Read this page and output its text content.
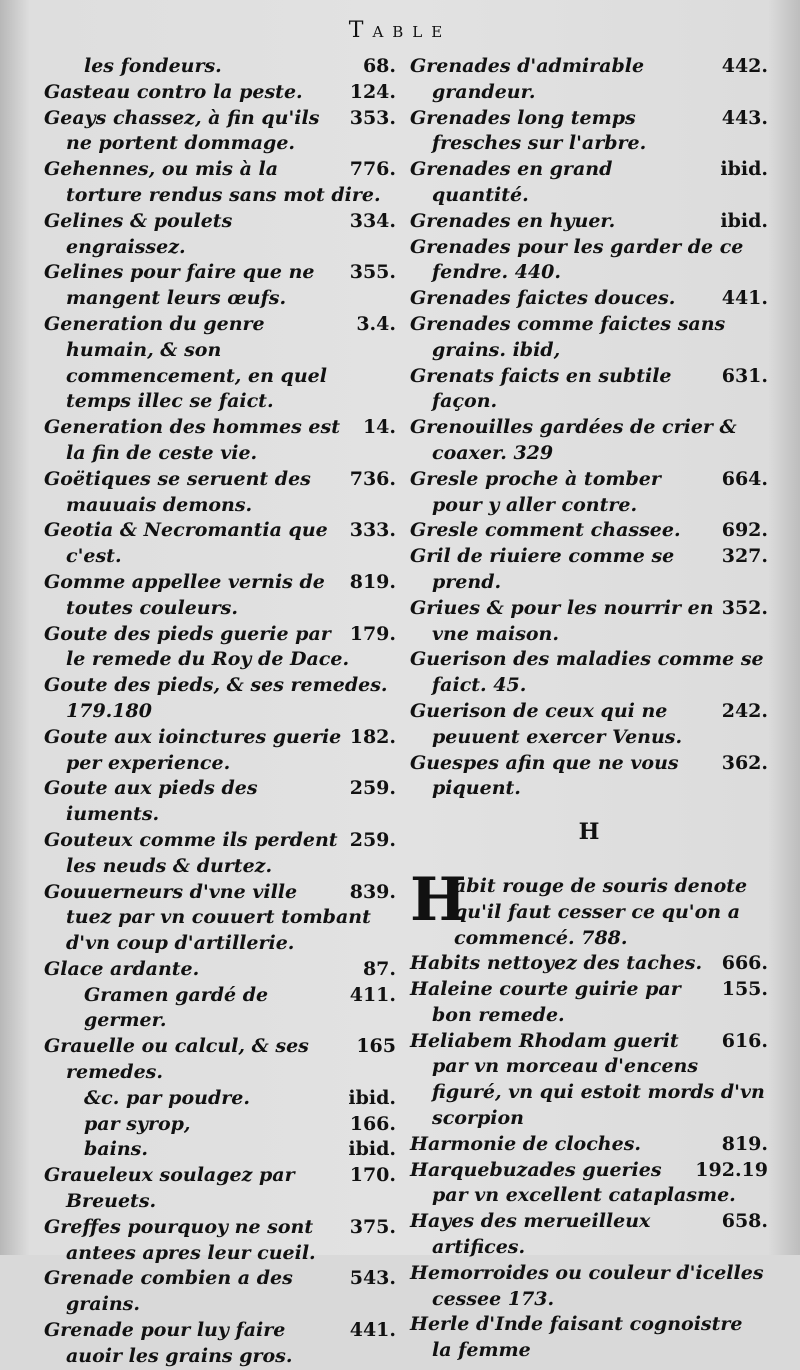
Table
68.
les fondeurs.
124.
Gasteau contro la peste.
353.
Geays chassez, à fin qu'ils ne portent dommage.
776.
Gehennes, ou mis à la torture rendus sans mot dire.
334.
Gelines & poulets engraissez.
355.
Gelines pour faire que ne mangent leurs œufs.
3.4.
Generation du genre humain, & son commencement, en quel temps illec se faict.
14.
Generation des hommes est la fin de ceste vie.
736.
Goëtiques se seruent des mauuais demons.
333.
Geotia & Necromantia que c'est.
819.
Gomme appellee vernis de toutes couleurs.
179.
Goute des pieds guerie par le remede du Roy de Dace.
Goute des pieds, & ses remedes. 179.180
182.
Goute aux ioinctures guerie per experience.
259.
Goute aux pieds des iuments.
259.
Gouteux comme ils perdent les neuds & durtez.
839.
Gouuerneurs d'vne ville tuez par vn couuert tombant d'vn coup d'artillerie.
87.
Glace ardante.
411.
Gramen gardé de germer.
165
Grauelle ou calcul, & ses remedes.
ibid.
&c. par poudre.
166.
par syrop,
ibid.
bains.
170.
Graueleux soulagez par Breuets.
375.
Greffes pourquoy ne sont antees apres leur cueil.
543.
Grenade combien a des grains.
441.
Grenade pour luy faire auoir les grains gros.
442.
Grenades d'admirable grandeur.
443.
Grenades long temps fresches sur l'arbre.
ibid.
Grenades en grand quantité.
ibid.
Grenades en hyuer.
Grenades pour les garder de ce fendre. 440.
441.
Grenades faictes douces.
Grenades comme faictes sans grains. ibid,
631.
Grenats faicts en subtile façon.
Grenouilles gardées de crier & coaxer. 329
664.
Gresle proche à tomber pour y aller contre.
692.
Gresle comment chassee.
327.
Gril de riuiere comme se prend.
352.
Griues & pour les nourrir en vne maison.
Guerison des maladies comme se faict. 45.
242.
Guerison de ceux qui ne peuuent exercer Venus.
362.
Guespes afin que ne vous piquent.
H
H
abit rouge de souris denote qu'il faut cesser ce qu'on a commencé. 788.
666.
Habits nettoyez des taches.
155.
Haleine courte guirie par bon remede.
616.
Heliabem Rhodam guerit par vn morceau d'encens figuré, vn qui estoit mords d'vn scorpion
819.
Harmonie de cloches.
192.19
Harquebuzades gueries par vn excellent cataplasme.
658.
Hayes des merueilleux artifices.
Hemorroides ou couleur d'icelles cessee 173.
Herle d'Inde faisant cognoistre la femme
